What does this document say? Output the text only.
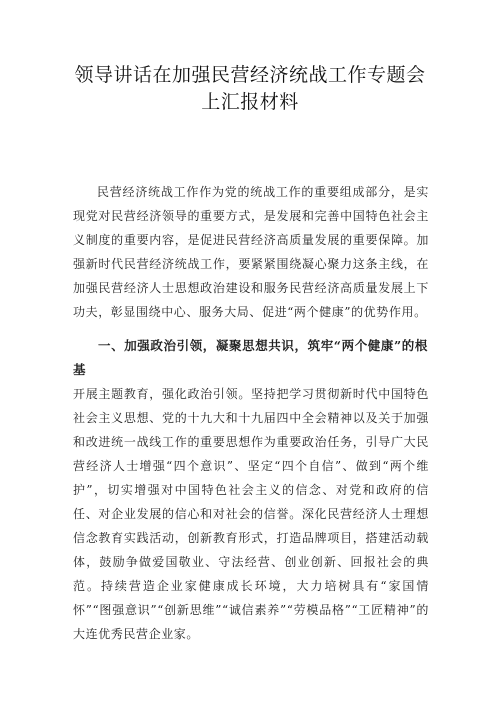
领导讲话在加强民营经济统战工作专题会
上汇报材料

民营经济统战工作作为党的统战工作的重要组成部分，是实现党对民营经济领导的重要方式，是发展和完善中国特色社会主义制度的重要内容，是促进民营经济高质量发展的重要保障。加强新时代民营经济统战工作，要紧紧围绕凝心聚力这条主线，在加强民营经济人士思想政治建设和服务民营经济高质量发展上下功夫，彰显围绕中心、服务大局、促进“两个健康”的优势作用。

一、加强政治引领，凝聚思想共识，筑牢“两个健康”的根基

开展主题教育，强化政治引领。坚持把学习贯彻新时代中国特色社会主义思想、党的十九大和十九届四中全会精神以及关于加强和改进统一战线工作的重要思想作为重要政治任务，引导广大民营经济人士增强“四个意识”、坚定“四个自信”、做到“两个维护”，切实增强对中国特色社会主义的信念、对党和政府的信任、对企业发展的信心和对社会的信誉。深化民营经济人士理想信念教育实践活动，创新教育形式，打造品牌项目，搭建活动载体，鼓励争做爱国敬业、守法经营、创业创新、回报社会的典范。持续营造企业家健康成长环境，大力培树具有“家国情怀”“图强意识”“创新思维”“诚信素养”“劳模品格”“工匠精神”的大连优秀民营企业家。
